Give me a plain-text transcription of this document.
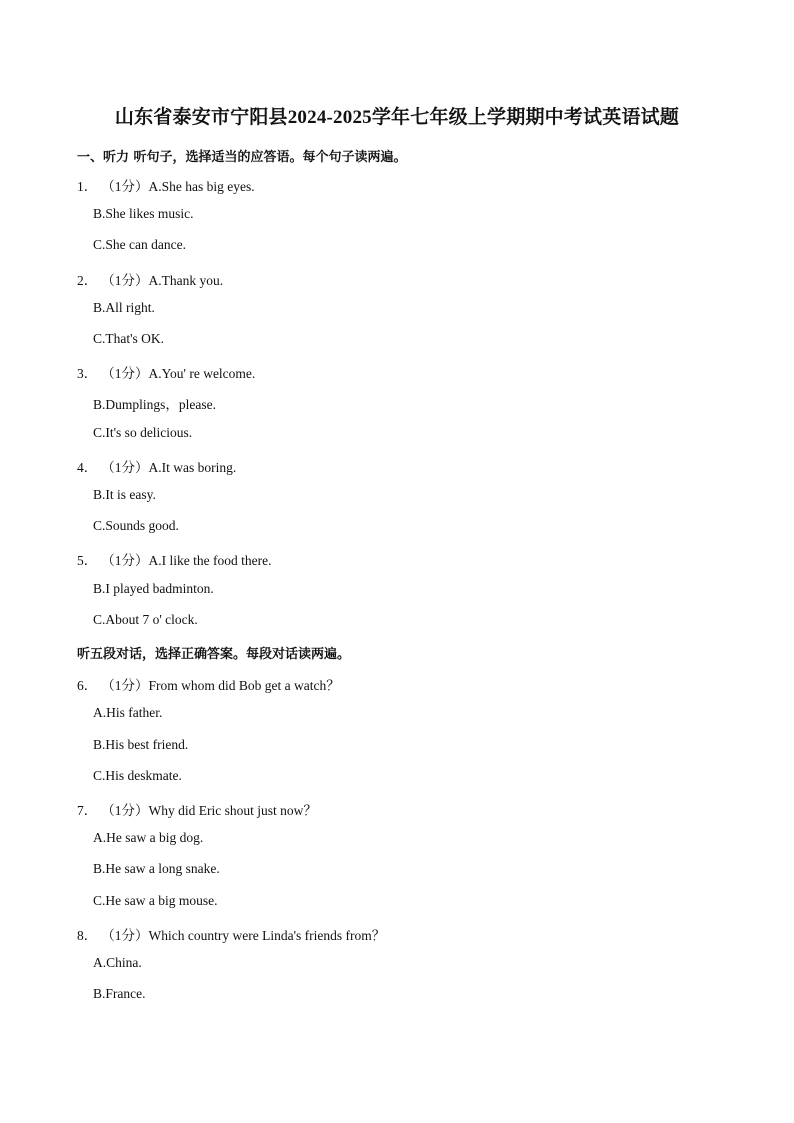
山东省泰安市宁阳县2024-2025学年七年级上学期期中考试英语试题
一、听力 听句子，选择适当的应答语。每个句子读两遍。
1． （1分）A.She has big eyes.
B.She likes music.
C.She can dance.
2． （1分）A.Thank you.
B.All right.
C.That's OK.
3． （1分）A.You' re welcome.
B.Dumplings，please.
C.It's so delicious.
4． （1分）A.It was boring.
B.It is easy.
C.Sounds good.
5． （1分）A.I like the food there.
B.I played badminton.
C.About 7 o' clock.
听五段对话，选择正确答案。每段对话读两遍。
6． （1分）From whom did Bob get a watch？
A.His father.
B.His best friend.
C.His deskmate.
7． （1分）Why did Eric shout just now？
A.He saw a big dog.
B.He saw a long snake.
C.He saw a big mouse.
8． （1分）Which country were Linda's friends from？
A.China.
B.France.
